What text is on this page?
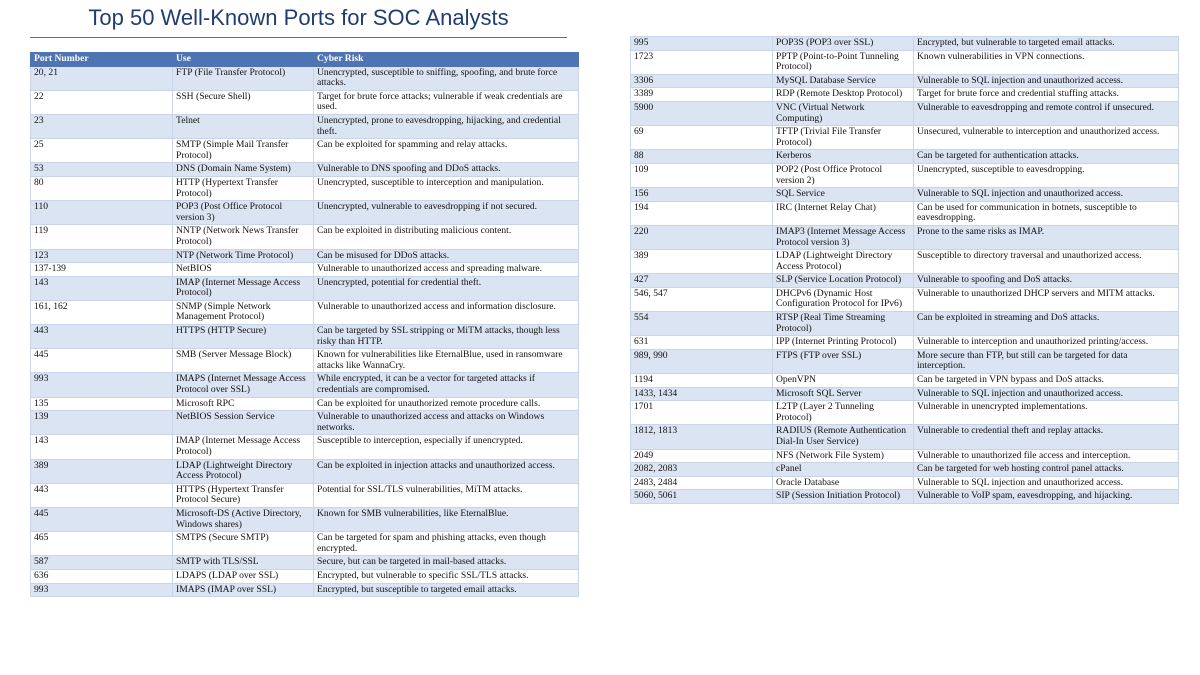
Top 50 Well-Known Ports for SOC Analysts
Port Number	Use	Cyber Risk
20, 21	FTP (File Transfer Protocol)	Unencrypted, susceptible to sniffing, spoofing, and brute force attacks.
22	SSH (Secure Shell)	Target for brute force attacks; vulnerable if weak credentials are used.
23	Telnet	Unencrypted, prone to eavesdropping, hijacking, and credential theft.
25	SMTP (Simple Mail Transfer Protocol)	Can be exploited for spamming and relay attacks.
53	DNS (Domain Name System)	Vulnerable to DNS spoofing and DDoS attacks.
80	HTTP (Hypertext Transfer Protocol)	Unencrypted, susceptible to interception and manipulation.
110	POP3 (Post Office Protocol version 3)	Unencrypted, vulnerable to eavesdropping if not secured.
119	NNTP (Network News Transfer Protocol)	Can be exploited in distributing malicious content.
123	NTP (Network Time Protocol)	Can be misused for DDoS attacks.
137-139	NetBIOS	Vulnerable to unauthorized access and spreading malware.
143	IMAP (Internet Message Access Protocol)	Unencrypted, potential for credential theft.
161, 162	SNMP (Simple Network Management Protocol)	Vulnerable to unauthorized access and information disclosure.
443	HTTPS (HTTP Secure)	Can be targeted by SSL stripping or MiTM attacks, though less risky than HTTP.
445	SMB (Server Message Block)	Known for vulnerabilities like EternalBlue, used in ransomware attacks like WannaCry.
993	IMAPS (Internet Message Access Protocol over SSL)	While encrypted, it can be a vector for targeted attacks if credentials are compromised.
135	Microsoft RPC	Can be exploited for unauthorized remote procedure calls.
139	NetBIOS Session Service	Vulnerable to unauthorized access and attacks on Windows networks.
143	IMAP (Internet Message Access Protocol)	Susceptible to interception, especially if unencrypted.
389	LDAP (Lightweight Directory Access Protocol)	Can be exploited in injection attacks and unauthorized access.
443	HTTPS (Hypertext Transfer Protocol Secure)	Potential for SSL/TLS vulnerabilities, MiTM attacks.
445	Microsoft-DS (Active Directory, Windows shares)	Known for SMB vulnerabilities, like EternalBlue.
465	SMTPS (Secure SMTP)	Can be targeted for spam and phishing attacks, even though encrypted.
587	SMTP with TLS/SSL	Secure, but can be targeted in mail-based attacks.
636	LDAPS (LDAP over SSL)	Encrypted, but vulnerable to specific SSL/TLS attacks.
993	IMAPS (IMAP over SSL)	Encrypted, but susceptible to targeted email attacks.
995	POP3S (POP3 over SSL)	Encrypted, but vulnerable to targeted email attacks.
1723	PPTP (Point-to-Point Tunneling Protocol)	Known vulnerabilities in VPN connections.
3306	MySQL Database Service	Vulnerable to SQL injection and unauthorized access.
3389	RDP (Remote Desktop Protocol)	Target for brute force and credential stuffing attacks.
5900	VNC (Virtual Network Computing)	Vulnerable to eavesdropping and remote control if unsecured.
69	TFTP (Trivial File Transfer Protocol)	Unsecured, vulnerable to interception and unauthorized access.
88	Kerberos	Can be targeted for authentication attacks.
109	POP2 (Post Office Protocol version 2)	Unencrypted, susceptible to eavesdropping.
156	SQL Service	Vulnerable to SQL injection and unauthorized access.
194	IRC (Internet Relay Chat)	Can be used for communication in botnets, susceptible to eavesdropping.
220	IMAP3 (Internet Message Access Protocol version 3)	Prone to the same risks as IMAP.
389	LDAP (Lightweight Directory Access Protocol)	Susceptible to directory traversal and unauthorized access.
427	SLP (Service Location Protocol)	Vulnerable to spoofing and DoS attacks.
546, 547	DHCPv6 (Dynamic Host Configuration Protocol for IPv6)	Vulnerable to unauthorized DHCP servers and MITM attacks.
554	RTSP (Real Time Streaming Protocol)	Can be exploited in streaming and DoS attacks.
631	IPP (Internet Printing Protocol)	Vulnerable to interception and unauthorized printing/access.
989, 990	FTPS (FTP over SSL)	More secure than FTP, but still can be targeted for data interception.
1194	OpenVPN	Can be targeted in VPN bypass and DoS attacks.
1433, 1434	Microsoft SQL Server	Vulnerable to SQL injection and unauthorized access.
1701	L2TP (Layer 2 Tunneling Protocol)	Vulnerable in unencrypted implementations.
1812, 1813	RADIUS (Remote Authentication Dial-In User Service)	Vulnerable to credential theft and replay attacks.
2049	NFS (Network File System)	Vulnerable to unauthorized file access and interception.
2082, 2083	cPanel	Can be targeted for web hosting control panel attacks.
2483, 2484	Oracle Database	Vulnerable to SQL injection and unauthorized access.
5060, 5061	SIP (Session Initiation Protocol)	Vulnerable to VoIP spam, eavesdropping, and hijacking.
